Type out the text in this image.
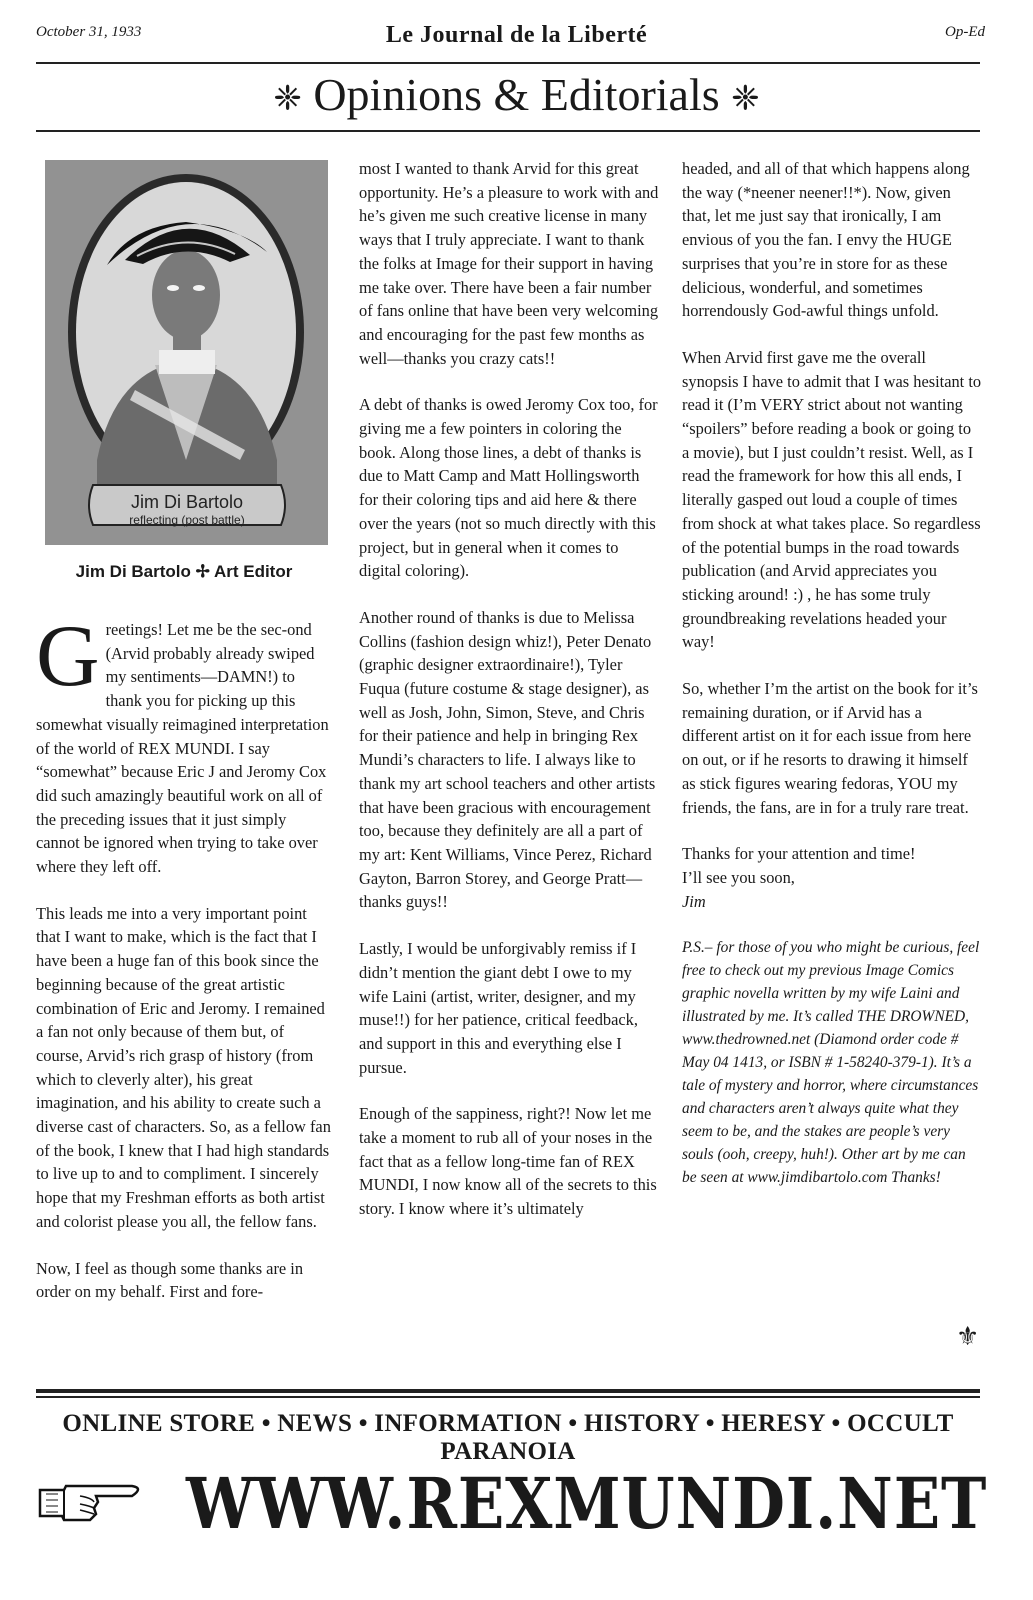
October 31, 1933	Le Journal de la Liberté	Op-Ed
❈ Opinions & Editorials ❈
Jim Di Bartolo
reflecting (post battle)
Jim Di Bartolo ✢ Art Editor

Greetings! Let me be the sec-ond (Arvid probably already swiped my sentiments—DAMN!) to thank you for picking up this somewhat visually reimagined interpretation of the world of REX MUNDI. I say “somewhat” because Eric J and Jeromy Cox did such amazingly beautiful work on all of the preceding issues that it just simply cannot be ignored when trying to take over where they left off.

This leads me into a very important point that I want to make, which is the fact that I have been a huge fan of this book since the beginning because of the great artistic combination of Eric and Jeromy. I remained a fan not only because of them but, of course, Arvid’s rich grasp of history (from which to cleverly alter), his great imagination, and his ability to create such a diverse cast of characters. So, as a fellow fan of the book, I knew that I had high standards to live up to and to compliment. I sincerely hope that my Freshman efforts as both artist and colorist please you all, the fellow fans.

Now, I feel as though some thanks are in order on my behalf. First and fore-

most I wanted to thank Arvid for this great opportunity. He’s a pleasure to work with and he’s given me such creative license in many ways that I truly appreciate. I want to thank the folks at Image for their support in having me take over. There have been a fair number of fans online that have been very welcoming and encouraging for the past few months as well—thanks you crazy cats!!

A debt of thanks is owed Jeromy Cox too, for giving me a few pointers in coloring the book. Along those lines, a debt of thanks is due to Matt Camp and Matt Hollingsworth for their coloring tips and aid here & there over the years (not so much directly with this project, but in general when it comes to digital coloring).

Another round of thanks is due to Melissa Collins (fashion design whiz!), Peter Denato (graphic designer extraordinaire!), Tyler Fuqua (future costume & stage designer), as well as Josh, John, Simon, Steve, and Chris for their patience and help in bringing Rex Mundi’s characters to life. I always like to thank my art school teachers and other artists that have been gracious with encouragement too, because they definitely are all a part of my art: Kent Williams, Vince Perez, Richard Gayton, Barron Storey, and George Pratt—thanks guys!!

Lastly, I would be unforgivably remiss if I didn’t mention the giant debt I owe to my wife Laini (artist, writer, designer, and my muse!!) for her patience, critical feedback, and support in this and everything else I pursue.

Enough of the sappiness, right?! Now let me take a moment to rub all of your noses in the fact that as a fellow long-time fan of REX MUNDI, I now know all of the secrets to this story. I know where it’s ultimately

headed, and all of that which happens along the way (*neener neener!!*). Now, given that, let me just say that ironically, I am envious of you the fan. I envy the HUGE surprises that you’re in store for as these delicious, wonderful, and sometimes horrendously God-awful things unfold.

When Arvid first gave me the overall synopsis I have to admit that I was hesitant to read it (I’m VERY strict about not wanting “spoilers” before reading a book or going to a movie), but I just couldn’t resist. Well, as I read the framework for how this all ends, I literally gasped out loud a couple of times from shock at what takes place. So regardless of the potential bumps in the road towards publication (and Arvid appreciates you sticking around! :) , he has some truly groundbreaking revelations headed your way!

So, whether I’m the artist on the book for it’s remaining duration, or if Arvid has a different artist on it for each issue from here on out, or if he resorts to drawing it himself as stick figures wearing fedoras, YOU my friends, the fans, are in for a truly rare treat.

Thanks for your attention and time!
I’ll see you soon,
Jim

P.S.– for those of you who might be curious, feel free to check out my previous Image Comics graphic novella written by my wife Laini and illustrated by me. It’s called THE DROWNED, www.thedrowned.net (Diamond order code # May 04 1413, or ISBN # 1-58240-379-1). It’s a tale of mystery and horror, where circumstances and characters aren’t always quite what they seem to be, and the stakes are people’s very souls (ooh, creepy, huh!). Other art by me can be seen at www.jimdibartolo.com Thanks!

⚜
ONLINE STORE • NEWS • INFORMATION • HISTORY • HERESY • OCCULT PARANOIA
WWW.REXMUNDI.NET
